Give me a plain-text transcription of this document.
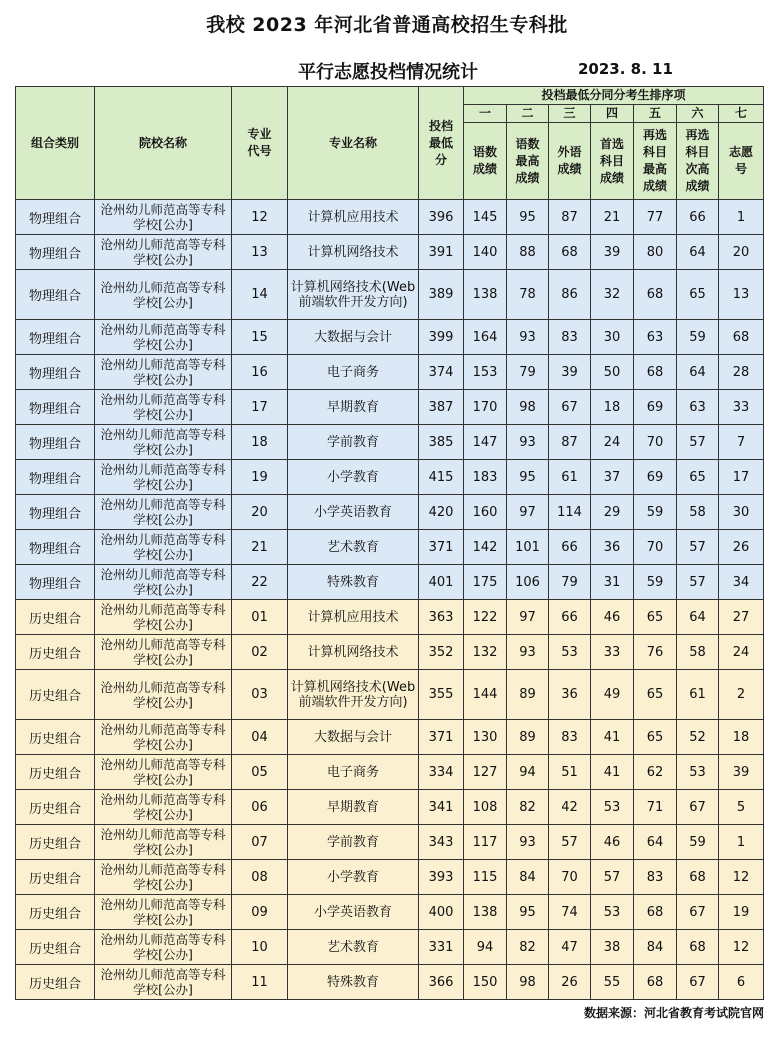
我校 2023 年河北省普通高校招生专科批
平行志愿投档情况统计	2023. 8. 11
组合类别	院校名称	专业代号	专业名称	投档最低分	投档最低分同分考生排序项						
					一	二	三	四	五	六	七
					语数成绩	语数最高成绩	外语成绩	首选科目成绩	再选科目最高成绩	再选科目次高成绩	志愿号
物理组合	沧州幼儿师范高等专科学校[公办]	12	计算机应用技术	396	145	95	87	21	77	66	1
物理组合	沧州幼儿师范高等专科学校[公办]	13	计算机网络技术	391	140	88	68	39	80	64	20
物理组合	沧州幼儿师范高等专科学校[公办]	14	计算机网络技术(Web 前端软件开发方向)	389	138	78	86	32	68	65	13
物理组合	沧州幼儿师范高等专科学校[公办]	15	大数据与会计	399	164	93	83	30	63	59	68
物理组合	沧州幼儿师范高等专科学校[公办]	16	电子商务	374	153	79	39	50	68	64	28
物理组合	沧州幼儿师范高等专科学校[公办]	17	早期教育	387	170	98	67	18	69	63	33
物理组合	沧州幼儿师范高等专科学校[公办]	18	学前教育	385	147	93	87	24	70	57	7
物理组合	沧州幼儿师范高等专科学校[公办]	19	小学教育	415	183	95	61	37	69	65	17
物理组合	沧州幼儿师范高等专科学校[公办]	20	小学英语教育	420	160	97	114	29	59	58	30
物理组合	沧州幼儿师范高等专科学校[公办]	21	艺术教育	371	142	101	66	36	70	57	26
物理组合	沧州幼儿师范高等专科学校[公办]	22	特殊教育	401	175	106	79	31	59	57	34
历史组合	沧州幼儿师范高等专科学校[公办]	01	计算机应用技术	363	122	97	66	46	65	64	27
历史组合	沧州幼儿师范高等专科学校[公办]	02	计算机网络技术	352	132	93	53	33	76	58	24
历史组合	沧州幼儿师范高等专科学校[公办]	03	计算机网络技术(Web 前端软件开发方向)	355	144	89	36	49	65	61	2
历史组合	沧州幼儿师范高等专科学校[公办]	04	大数据与会计	371	130	89	83	41	65	52	18
历史组合	沧州幼儿师范高等专科学校[公办]	05	电子商务	334	127	94	51	41	62	53	39
历史组合	沧州幼儿师范高等专科学校[公办]	06	早期教育	341	108	82	42	53	71	67	5
历史组合	沧州幼儿师范高等专科学校[公办]	07	学前教育	343	117	93	57	46	64	59	1
历史组合	沧州幼儿师范高等专科学校[公办]	08	小学教育	393	115	84	70	57	83	68	12
历史组合	沧州幼儿师范高等专科学校[公办]	09	小学英语教育	400	138	95	74	53	68	67	19
历史组合	沧州幼儿师范高等专科学校[公办]	10	艺术教育	331	94	82	47	38	84	68	12
历史组合	沧州幼儿师范高等专科学校[公办]	11	特殊教育	366	150	98	26	55	68	67	6
数据来源：河北省教育考试院官网
